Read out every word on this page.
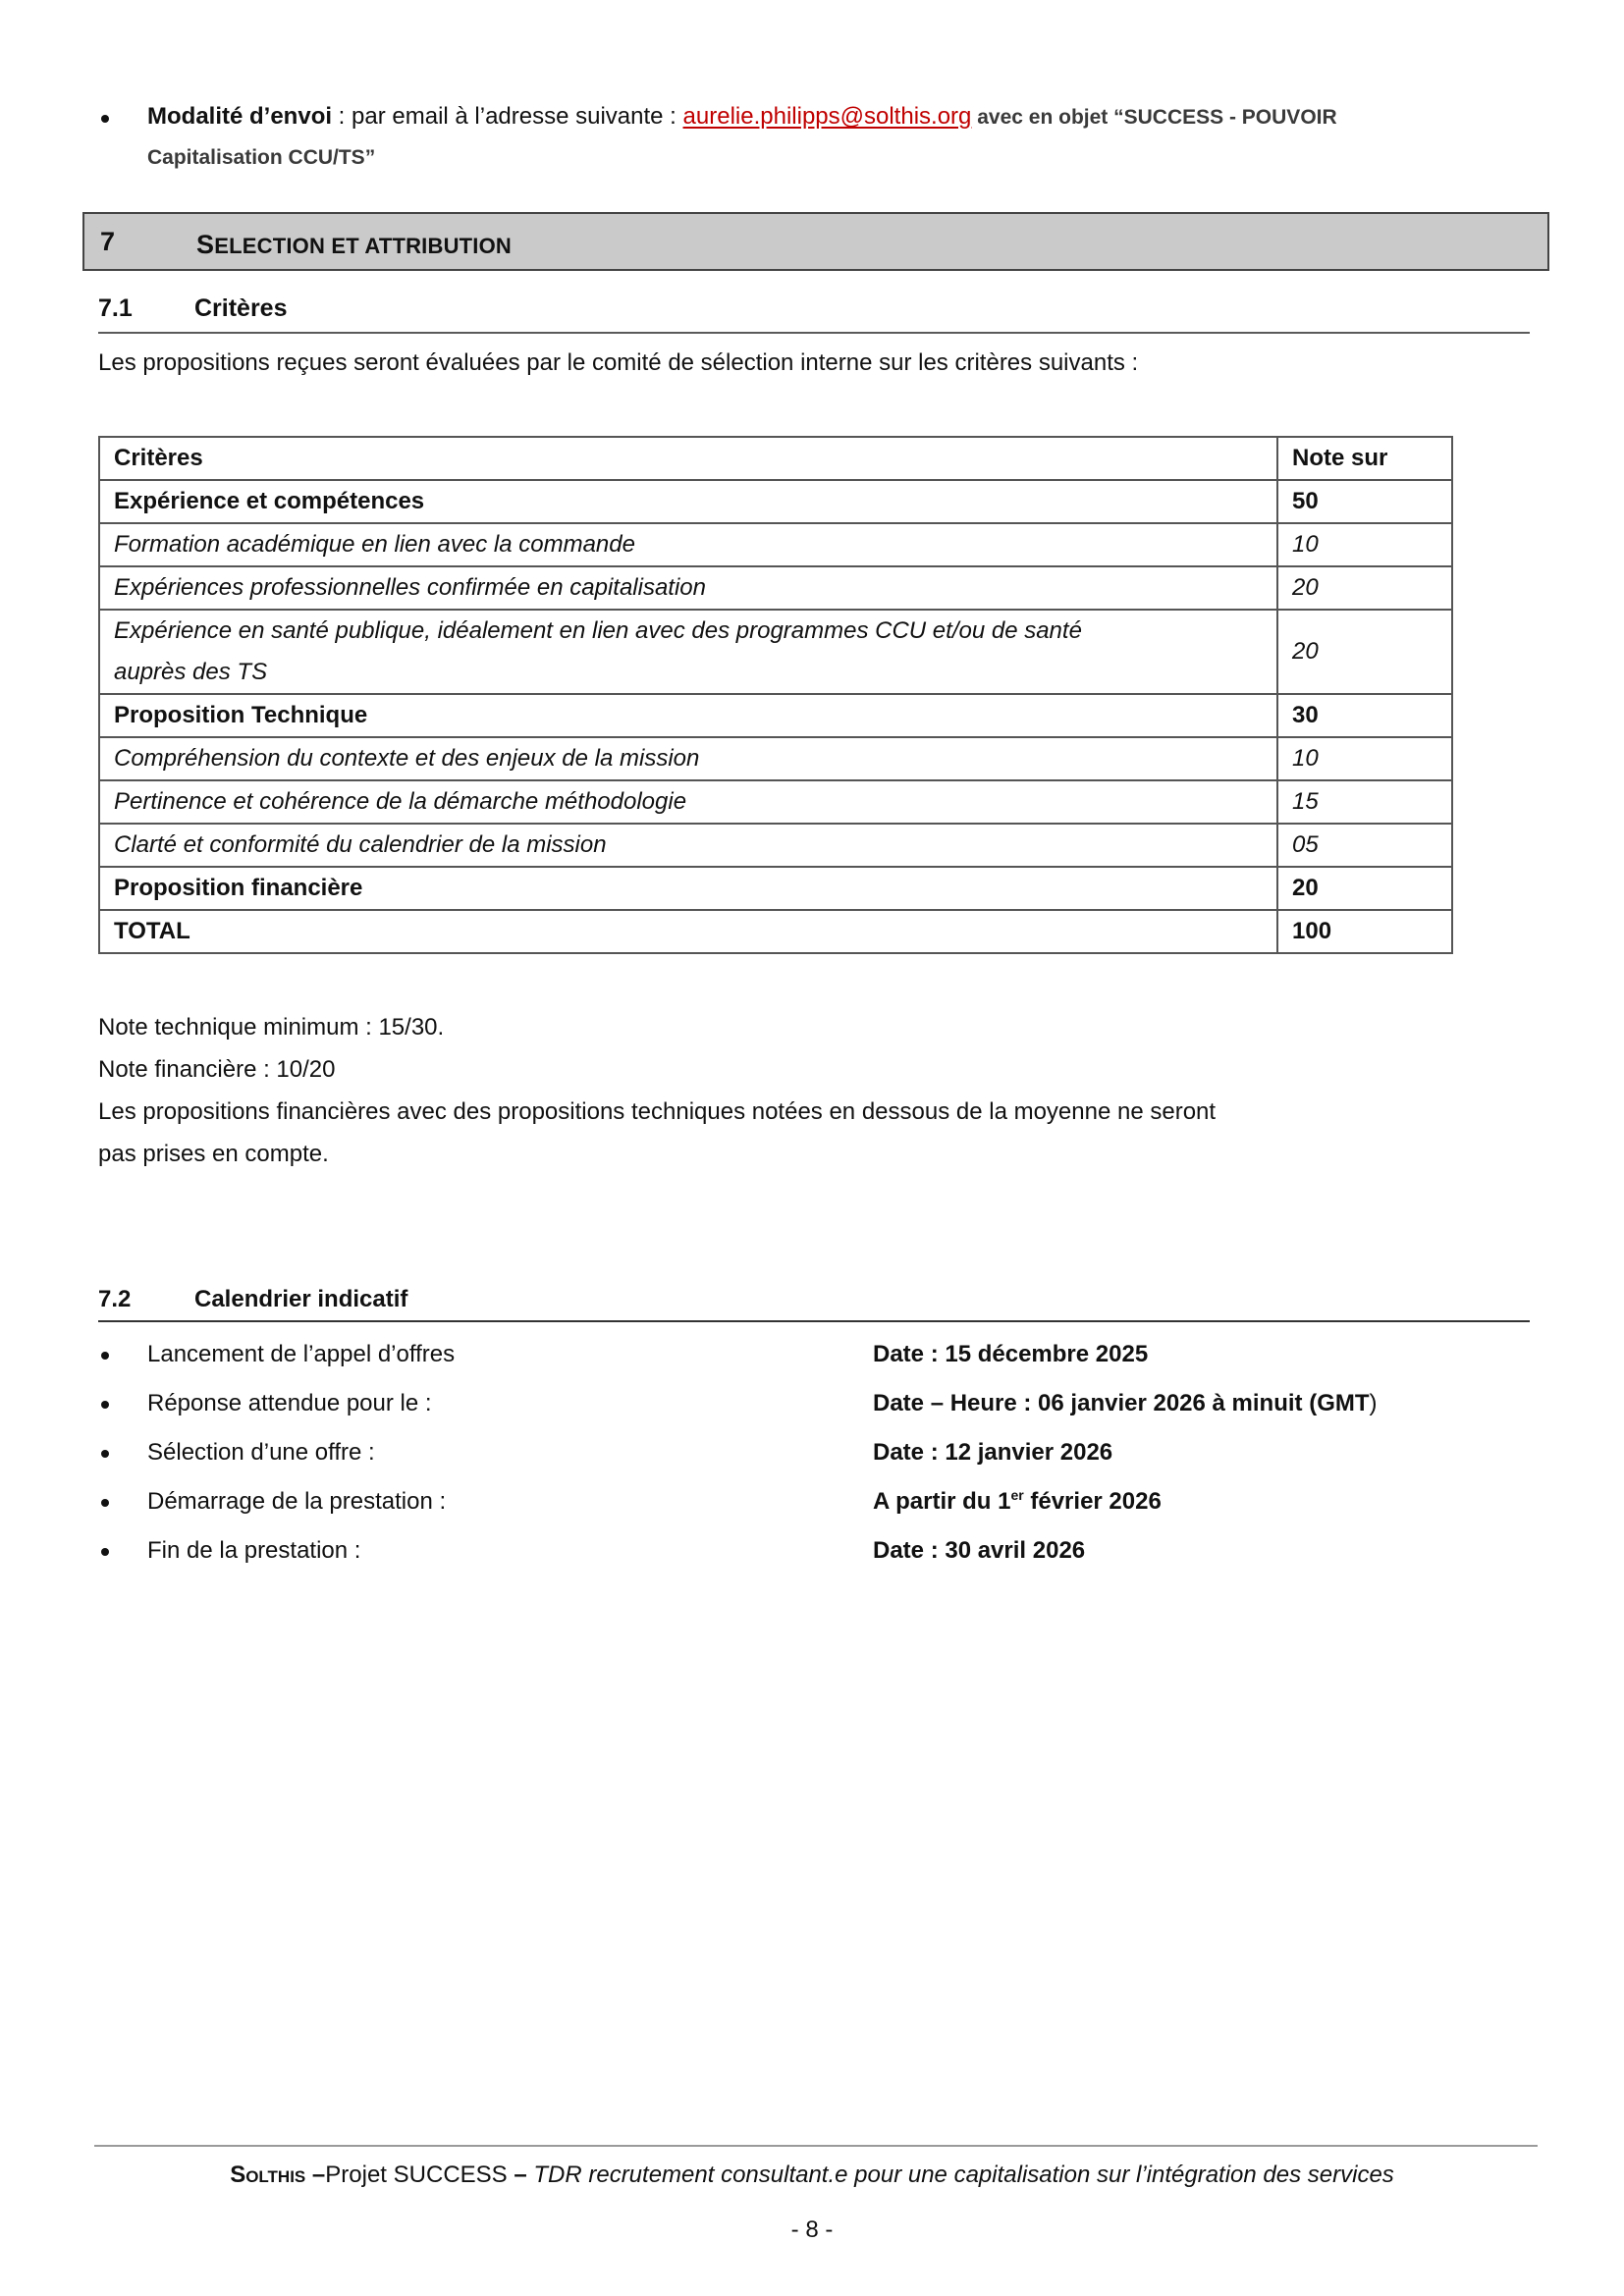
Modalité d’envoi : par email à l’adresse suivante : aurelie.philipps@solthis.org avec en objet “SUCCESS - POUVOIR
Capitalisation CCU/TS”
7	SELECTION ET ATTRIBUTION
7.1	Critères
Les propositions reçues seront évaluées par le comité de sélection interne sur les critères suivants :
Critères	Note sur
Expérience et compétences	50
Formation académique en lien avec la commande	10
Expériences professionnelles confirmée en capitalisation	20

Expérience en santé publique, idéalement en lien avec des programmes CCU et/ou de santé
auprès des TS	20
Proposition Technique	30
Compréhension du contexte et des enjeux de la mission	10
Pertinence et cohérence de la démarche méthodologie	15
Clarté et conformité du calendrier de la mission	05
Proposition financière	20
TOTAL	100
Note technique minimum : 15/30.
Note financière : 10/20
Les propositions financières avec des propositions techniques notées en dessous de la moyenne ne seront
pas prises en compte.
7.2	Calendrier indicatif
Lancement de l’appel d’offres	Date : 15 décembre 2025
Réponse attendue pour le :	Date – Heure : 06 janvier 2026 à minuit (GMT)
Sélection d’une offre :	Date : 12 janvier 2026
Démarrage de la prestation :	A partir du 1er février 2026
Fin de la prestation :	Date : 30 avril 2026
Solthis –Projet SUCCESS – TDR recrutement consultant.e pour une capitalisation sur l’intégration des services
- 8 -
